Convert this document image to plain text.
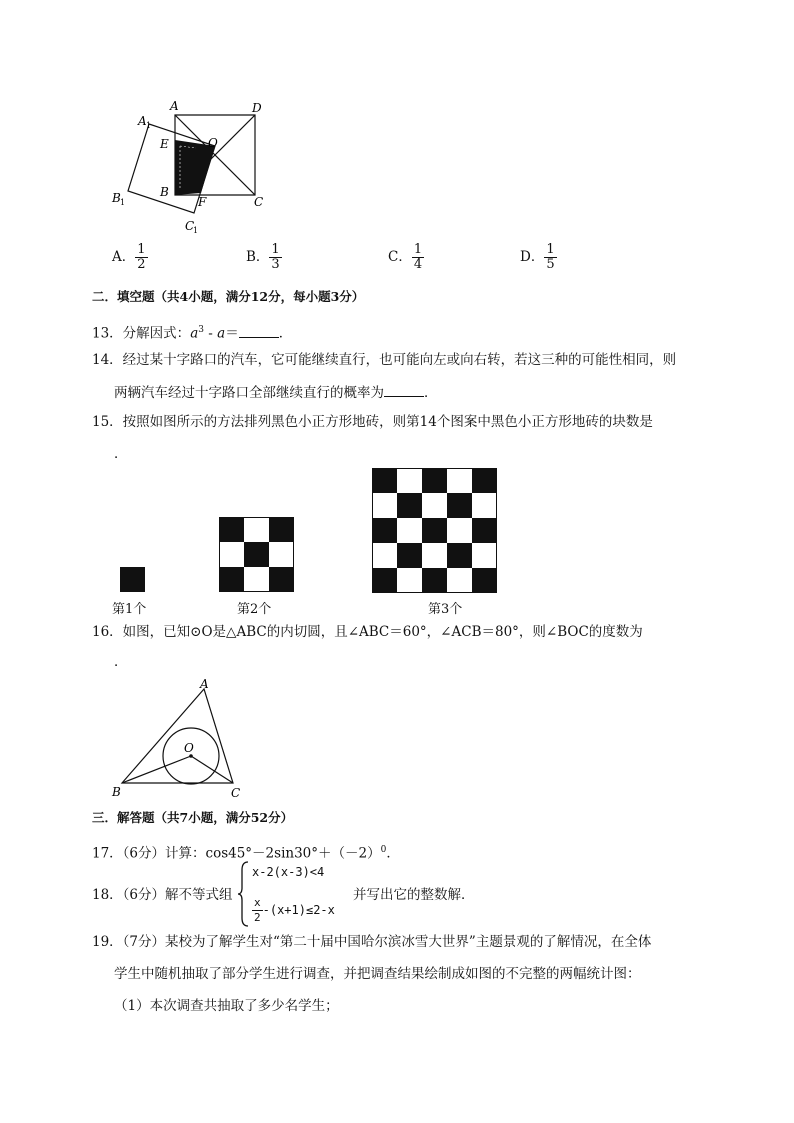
A	D
A 1
E	O
B
B 1	F	C
C
1
A． $\frac{1}{2}$	B． $\frac{1}{3}$	C． $\frac{1}{4}$	D． $\frac{1}{5}$
二．填空题（共4小题，满分12分，每小题3分）
13．分解因式：$a^3 - a=$	．
14．经过某十字路口的汽车，它可能继续直行，也可能向左或向右转，若这三种的可能性相同，则
两辆汽车经过十字路口全部继续直行的概率为	．
15．按照如图所示的方法排列黑色小正方形地砖，则第14个图案中黑色小正方形地砖的块数是
．
第1个	第2个	第3个
16．如图，已知⊙O是△ABC的内切圆，且∠ABC＝60°，∠ACB＝80°，则∠BOC的度数为
．
A
B	C
O
三．解答题（共7小题，满分52分）
17．（6分）计算：$\cos 45^\circ-2\sin 30^\circ+(-2)^0$．
18．（6分）解不等式组
x-2(x-3)<4
$\frac{x}{2} -(x+1)\le 2-x$
并写出它的整数解．
19．（7分）某校为了解学生对“第二十届中国哈尔滨冰雪大世界”主题景观的了解情况，在全体
学生中随机抽取了部分学生进行调查，并把调查结果绘制成如图的不完整的两幅统计图：
（1）本次调查共抽取了多少名学生；
